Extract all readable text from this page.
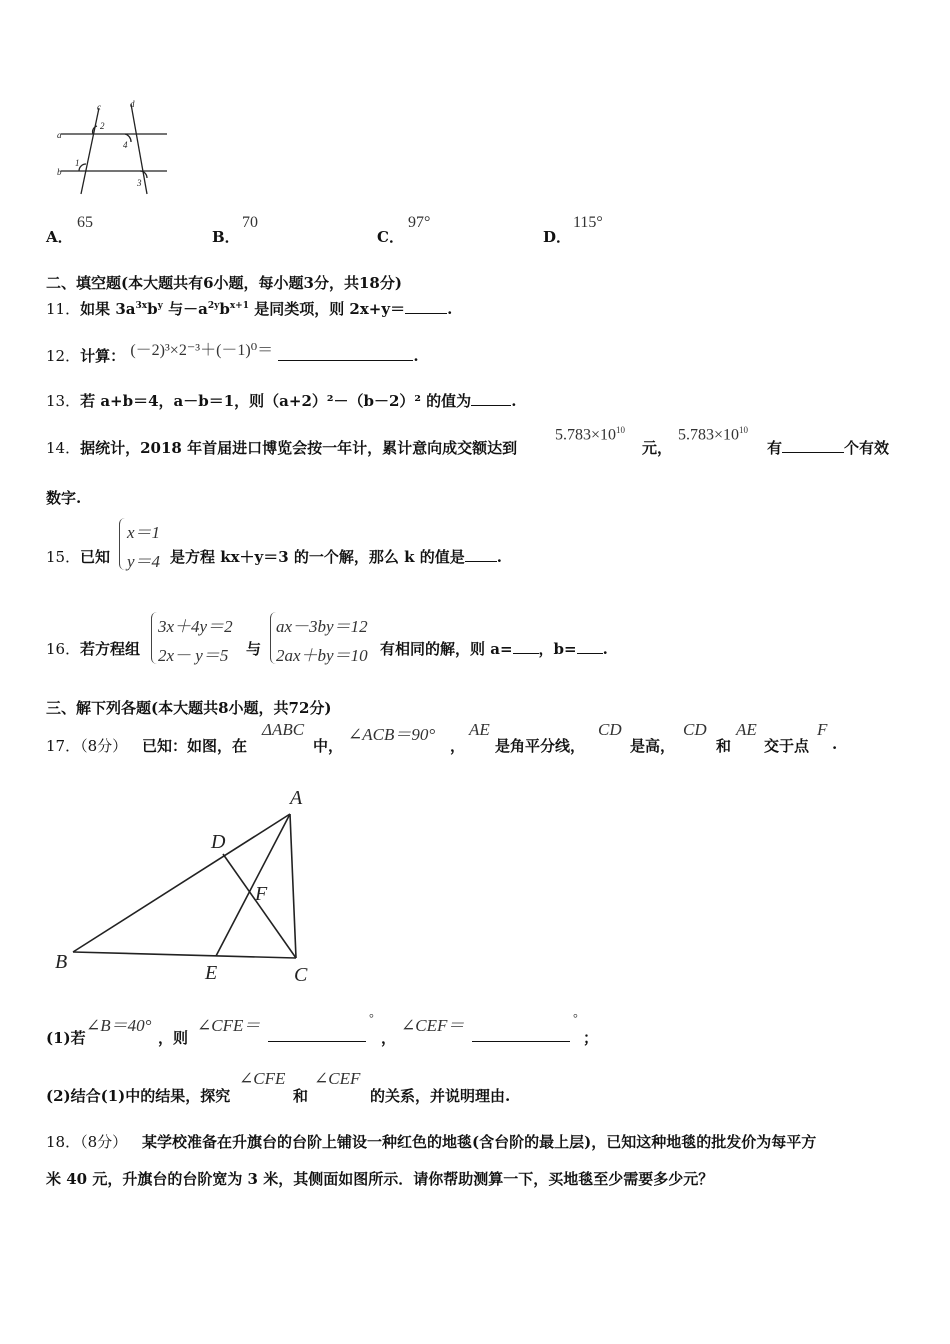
c	d
a
b
2
4
1
3
A．
65
B．
70
C．
97°
D．
115°
二、填空题(本大题共有6小题，每小题3分，共18分)
11．如果 $3a^{3x}b^y$ 与$-a^{2y}b^{x+1}$ 是同类项，则 2x+y＝	.
12．计算： (－2)³×2⁻³＋(－1)⁰＝	.
13．若 a+b＝4，a－b＝1，则（a+2）²－（b－2）² 的值为	.
14．据统计，2018 年首届进口博览会按一年计，累计意向成交额达到
$5.783\times 10^{10}$
元，
$5.783\times 10^{10}$
有	个有效
数字.
15． 已知
x＝1
y＝4 是方程 kx＋y＝3 的一个解，那么 k 的值是 .
16． 若方程组
3x＋4y＝2
2x－ y＝5 与
ax－3by＝12
2ax＋by＝10 有相同的解，则 a= ，b= .
三、解下列各题(本大题共8小题，共72分)
17．（8分） 已知：如图，在
ΔABC
中，
∠ACB＝90°
，
AE
是角平分线，
CD
是高，
CD
和
AE
交于点
F
.
A
B
C
D
E
F
(1)若
∠B＝40°
，则
∠CFE＝	°
，
∠CEF＝	°
；
(2)结合(1)中的结果，探究
∠CFE
和
∠CEF
的关系，并说明理由.
18．（8分） 某学校准备在升旗台的台阶上铺设一种红色的地毯(含台阶的最上层)，已知这种地毯的批发价为每平方
米 40 元，升旗台的台阶宽为 3 米，其侧面如图所示．请你帮助测算一下，买地毯至少需要多少元？
